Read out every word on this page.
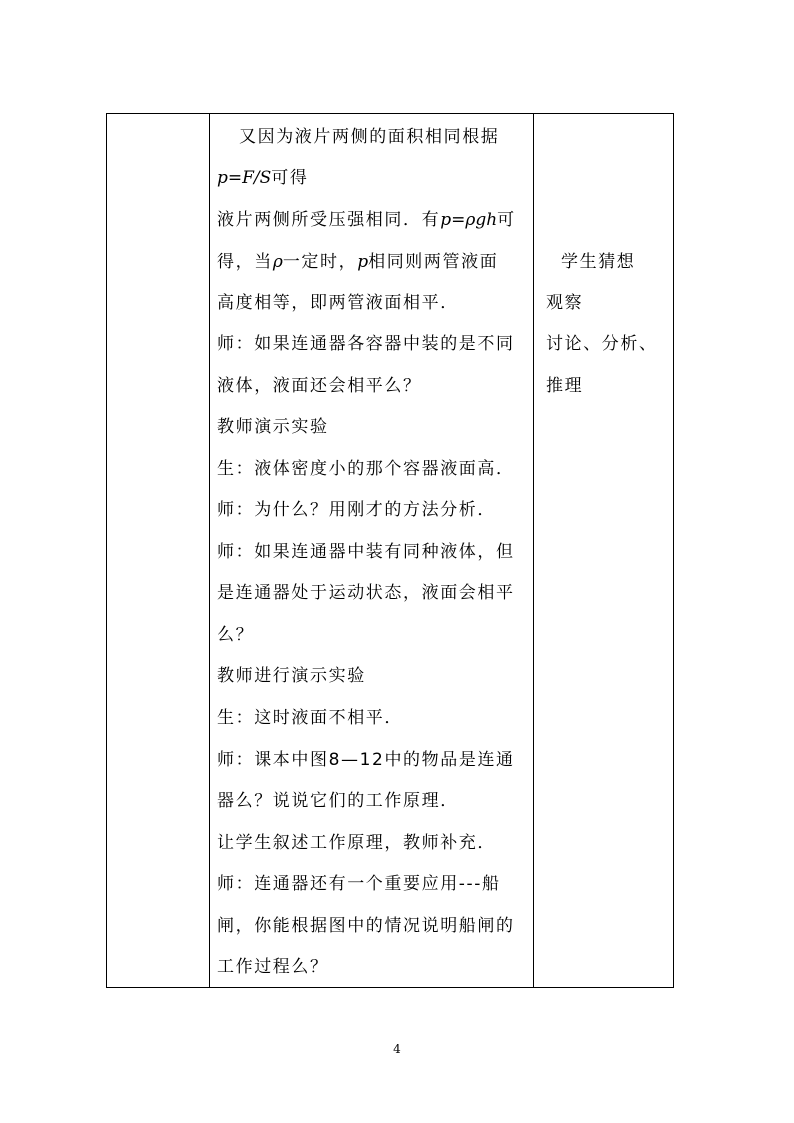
又因为液片两侧的面积相同根据
p=F/S可得
液片两侧所受压强相同．有p=ρgh可
得，当ρ一定时，p相同则两管液面
高度相等，即两管液面相平．
师：如果连通器各容器中装的是不同
液体，液面还会相平么？
教师演示实验
生：液体密度小的那个容器液面高．
师：为什么？用刚才的方法分析．
师：如果连通器中装有同种液体，但
是连通器处于运动状态，液面会相平
么？
教师进行演示实验
生：这时液面不相平．
师：课本中图8—12中的物品是连通
器么？说说它们的工作原理．
让学生叙述工作原理，教师补充．
师：连通器还有一个重要应用---船
闸，你能根据图中的情况说明船闸的
工作过程么？
学生猜想
观察
讨论、分析、
推理
4
